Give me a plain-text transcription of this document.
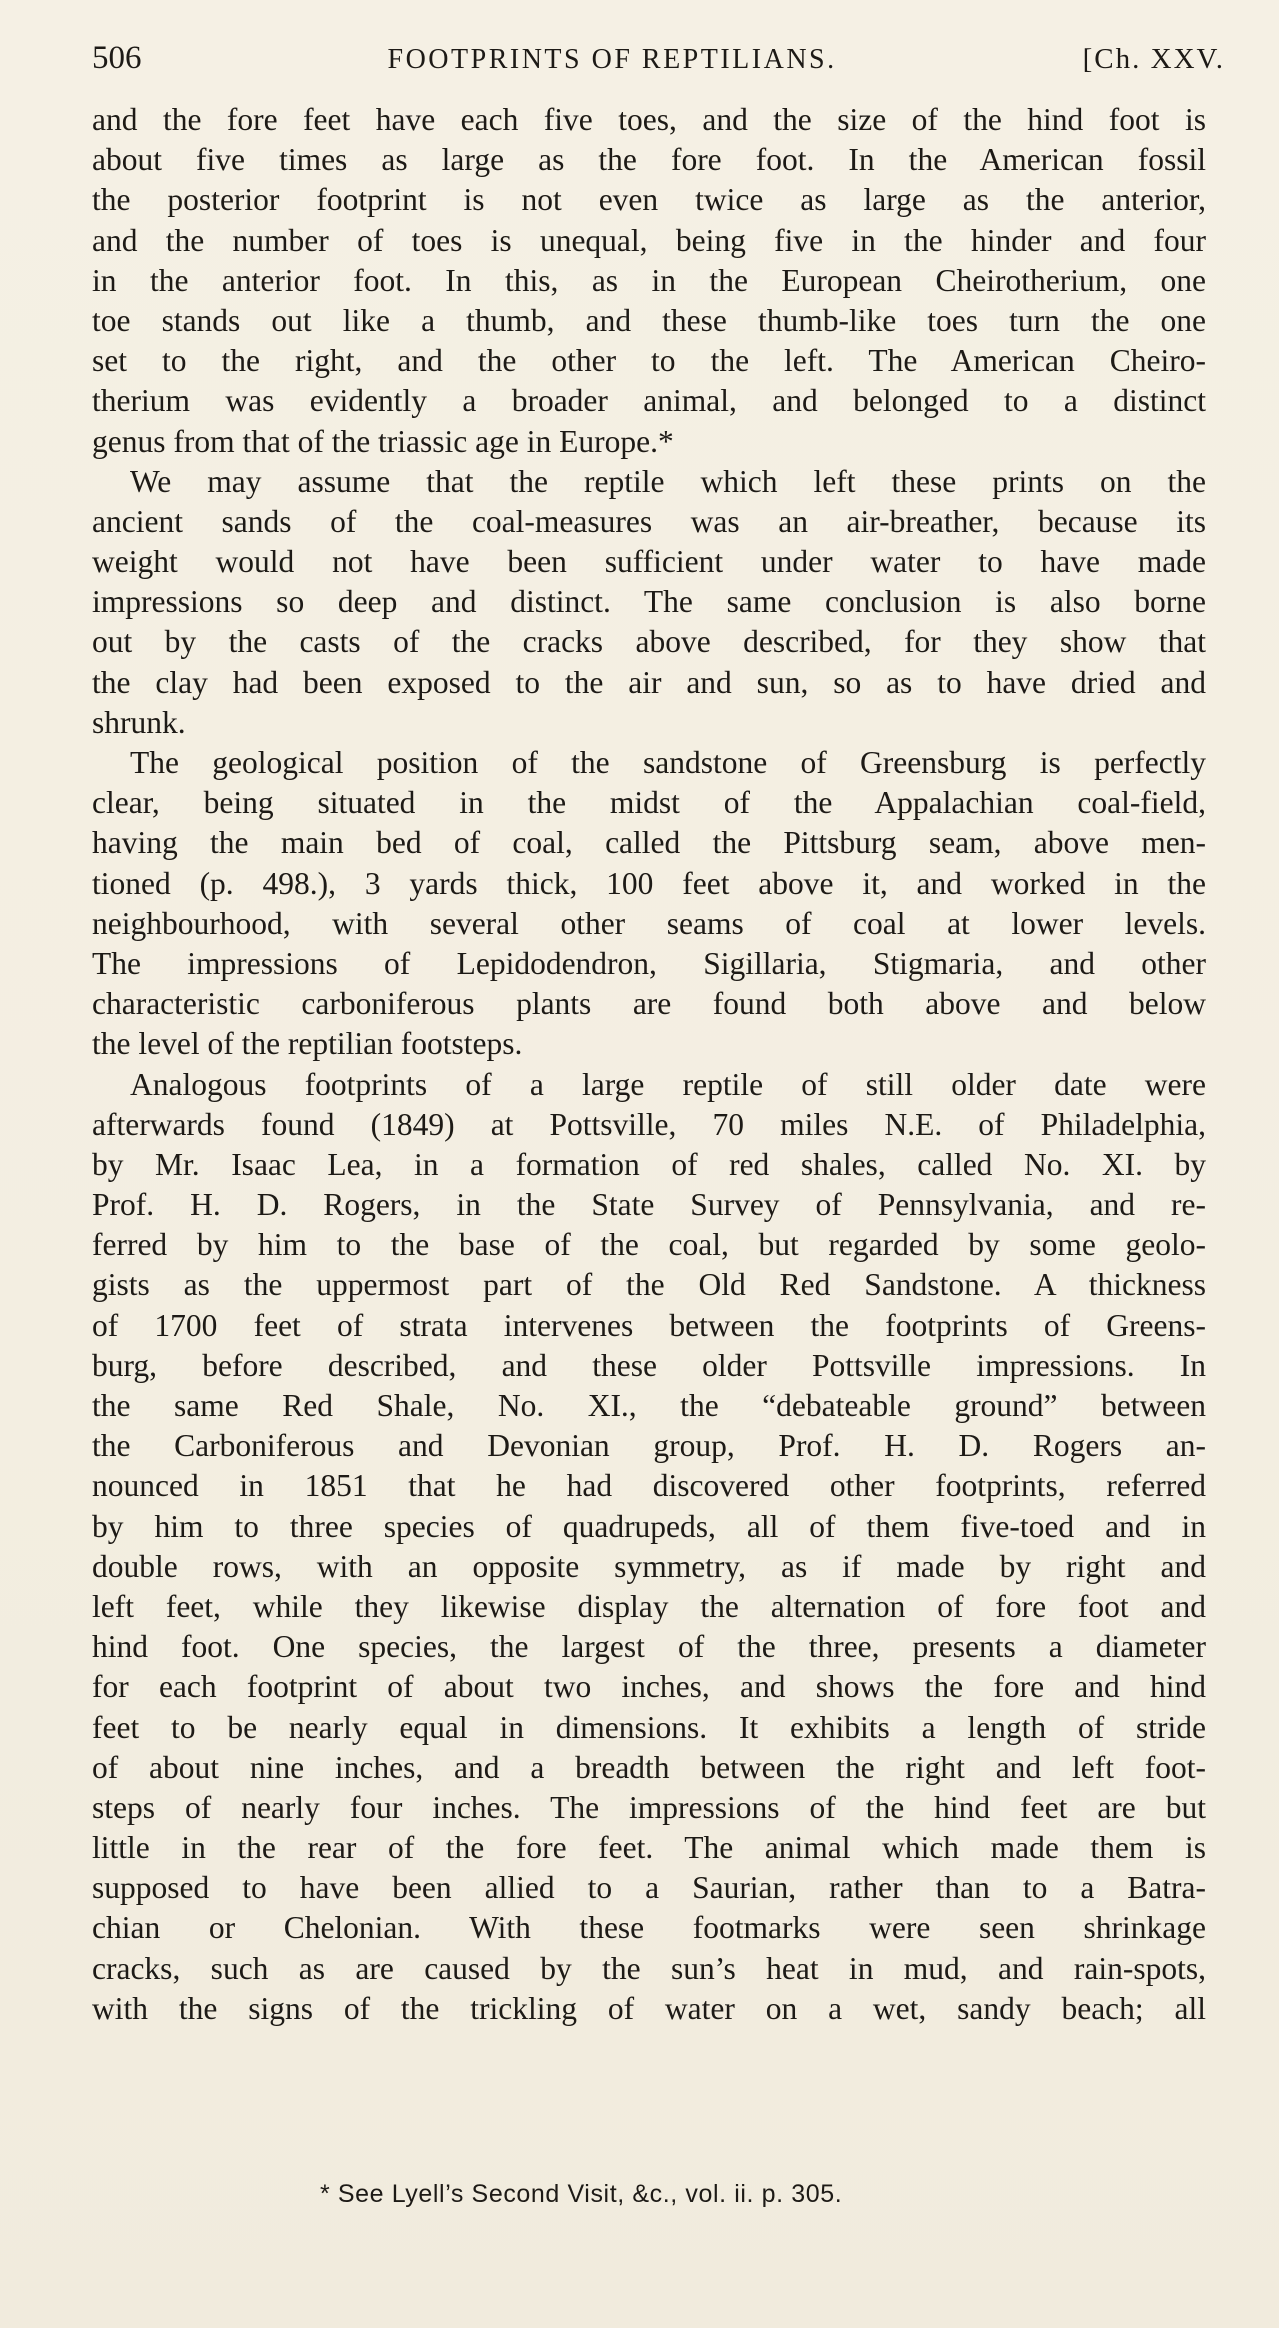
506	FOOTPRINTS OF REPTILIANS.	[Ch. XXV.
and the fore feet have each five toes, and the size of the hind foot is
about five times as large as the fore foot. In the American fossil
the posterior footprint is not even twice as large as the anterior,
and the number of toes is unequal, being five in the hinder and four
in the anterior foot. In this, as in the European Cheirotherium, one
toe stands out like a thumb, and these thumb-like toes turn the one
set to the right, and the other to the left. The American Cheiro-
therium was evidently a broader animal, and belonged to a distinct
genus from that of the triassic age in Europe.*
We may assume that the reptile which left these prints on the
ancient sands of the coal-measures was an air-breather, because its
weight would not have been sufficient under water to have made
impressions so deep and distinct. The same conclusion is also borne
out by the casts of the cracks above described, for they show that
the clay had been exposed to the air and sun, so as to have dried and
shrunk.
The geological position of the sandstone of Greensburg is perfectly
clear, being situated in the midst of the Appalachian coal-field,
having the main bed of coal, called the Pittsburg seam, above men-
tioned (p. 498.), 3 yards thick, 100 feet above it, and worked in the
neighbourhood, with several other seams of coal at lower levels.
The impressions of Lepidodendron, Sigillaria, Stigmaria, and other
characteristic carboniferous plants are found both above and below
the level of the reptilian footsteps.
Analogous footprints of a large reptile of still older date were
afterwards found (1849) at Pottsville, 70 miles N.E. of Philadelphia,
by Mr. Isaac Lea, in a formation of red shales, called No. XI. by
Prof. H. D. Rogers, in the State Survey of Pennsylvania, and re-
ferred by him to the base of the coal, but regarded by some geolo-
gists as the uppermost part of the Old Red Sandstone. A thickness
of 1700 feet of strata intervenes between the footprints of Greens-
burg, before described, and these older Pottsville impressions. In
the same Red Shale, No. XI., the “debateable ground” between
the Carboniferous and Devonian group, Prof. H. D. Rogers an-
nounced in 1851 that he had discovered other footprints, referred
by him to three species of quadrupeds, all of them five-toed and in
double rows, with an opposite symmetry, as if made by right and
left feet, while they likewise display the alternation of fore foot and
hind foot. One species, the largest of the three, presents a diameter
for each footprint of about two inches, and shows the fore and hind
feet to be nearly equal in dimensions. It exhibits a length of stride
of about nine inches, and a breadth between the right and left foot-
steps of nearly four inches. The impressions of the hind feet are but
little in the rear of the fore feet. The animal which made them is
supposed to have been allied to a Saurian, rather than to a Batra-
chian or Chelonian. With these footmarks were seen shrinkage
cracks, such as are caused by the sun’s heat in mud, and rain-spots,
with the signs of the trickling of water on a wet, sandy beach; all
* See Lyell’s Second Visit, &c., vol. ii. p. 305.
